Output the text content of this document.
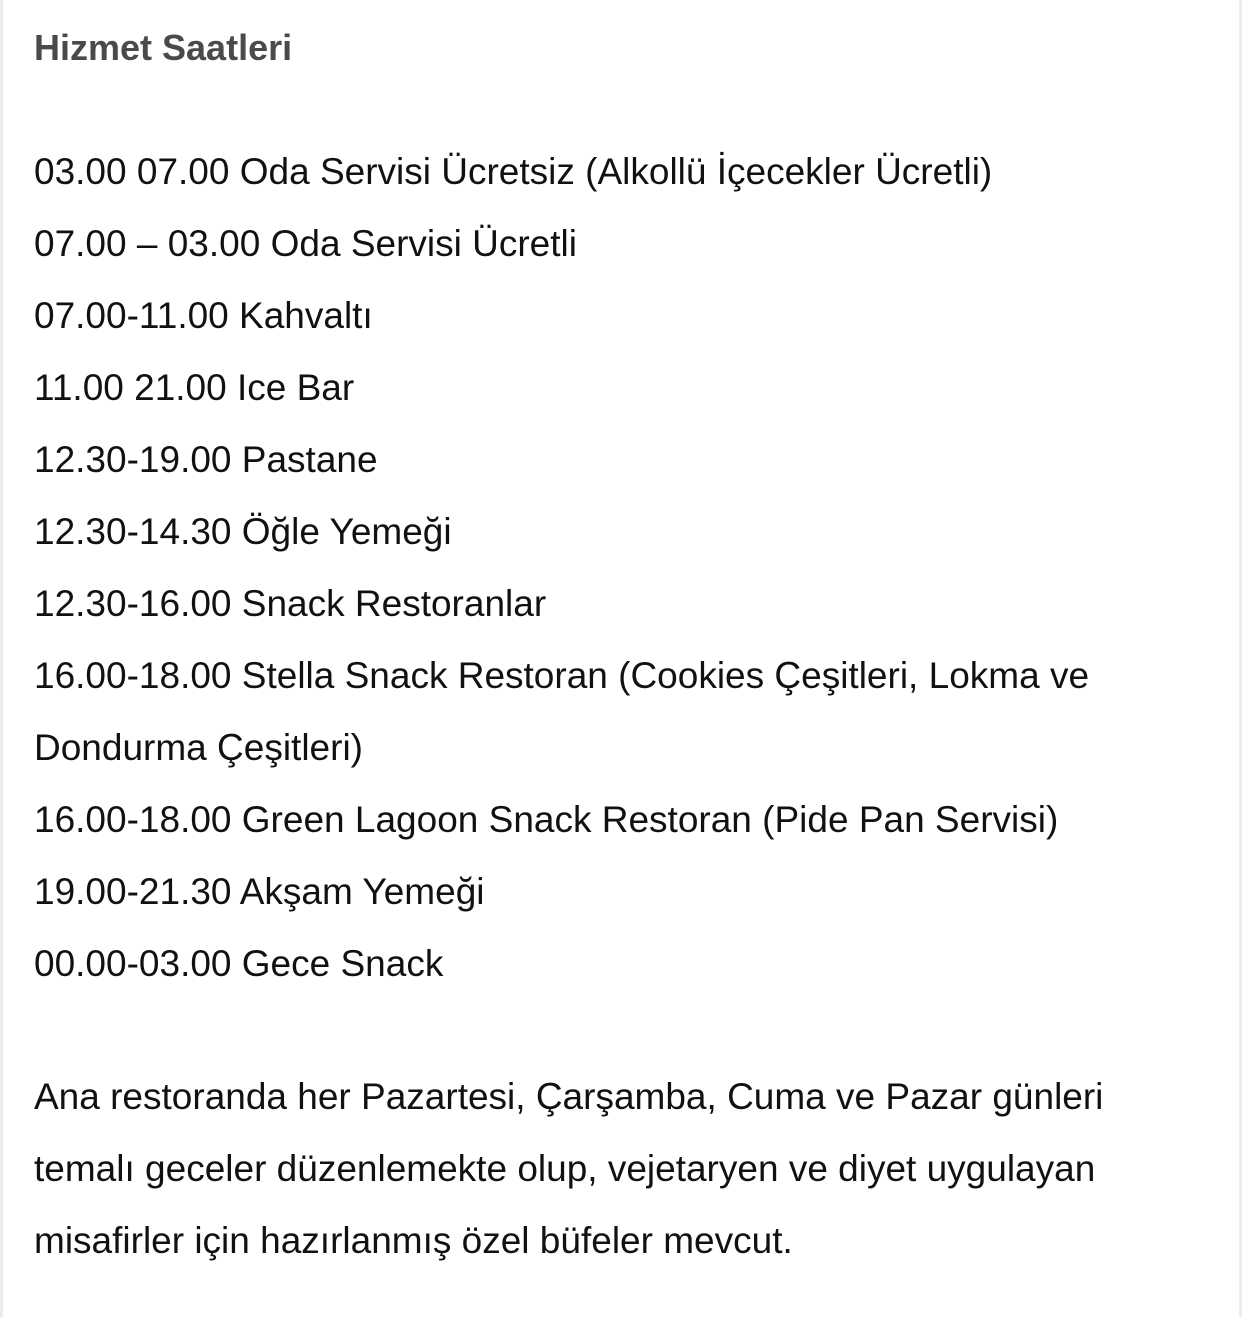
Hizmet Saatleri
03.00 07.00 Oda Servisi Ücretsiz (Alkollü İçecekler Ücretli)
07.00 – 03.00 Oda Servisi Ücretli
07.00-11.00 Kahvaltı
11.00 21.00 Ice Bar
12.30-19.00 Pastane
12.30-14.30 Öğle Yemeği
12.30-16.00 Snack Restoranlar
16.00-18.00 Stella Snack Restoran (Cookies Çeşitleri, Lokma ve Dondurma Çeşitleri)
16.00-18.00 Green Lagoon Snack Restoran (Pide Pan Servisi)
19.00-21.30 Akşam Yemeği
00.00-03.00 Gece Snack

Ana restoranda her Pazartesi, Çarşamba, Cuma ve Pazar günleri temalı geceler düzenlemekte olup, vejetaryen ve diyet uygulayan misafirler için hazırlanmış özel büfeler mevcut.
